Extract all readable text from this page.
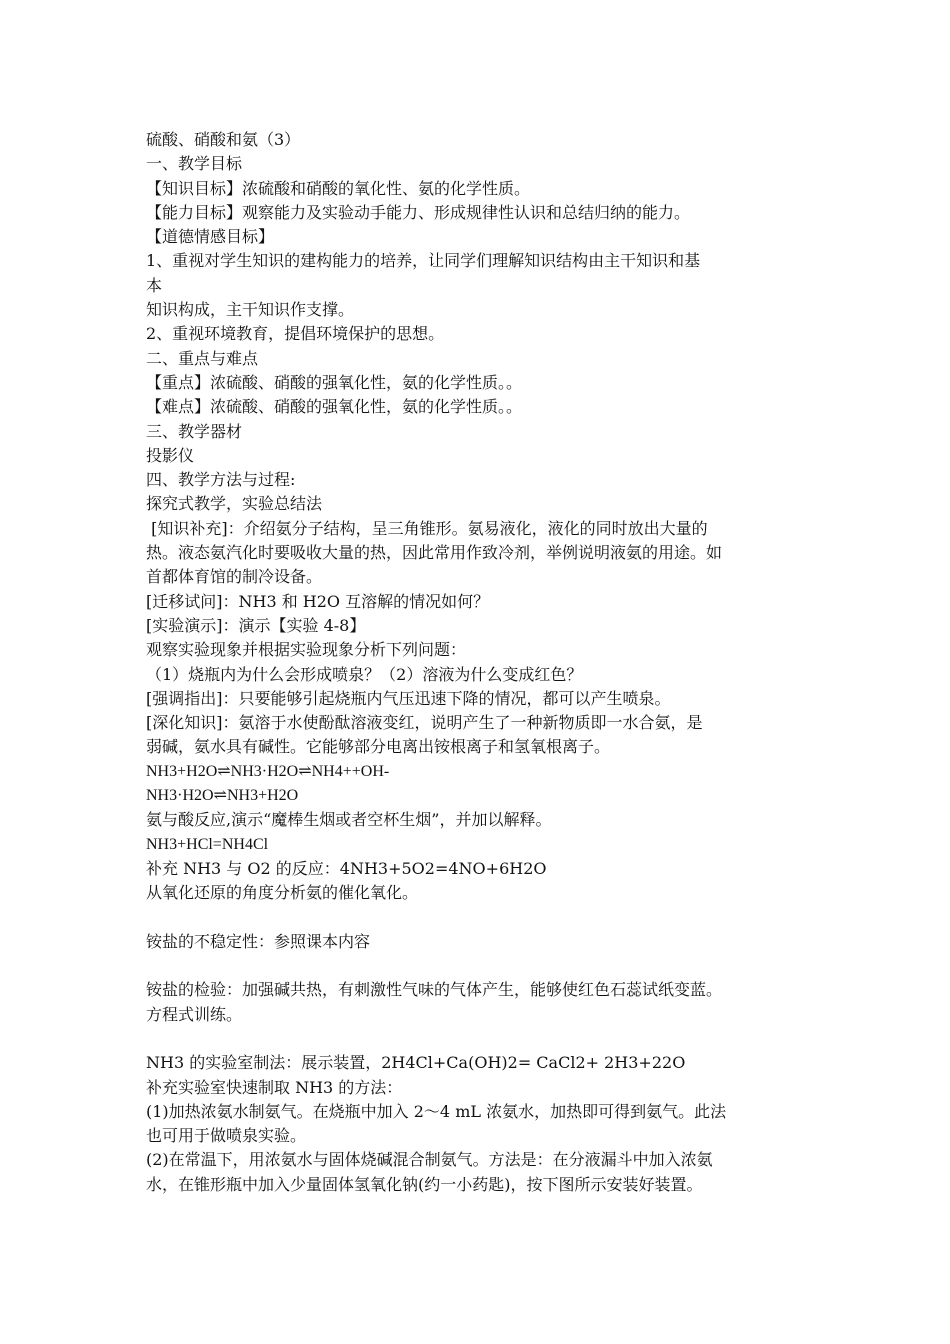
硫酸、硝酸和氨（3）
一、教学目标
【知识目标】浓硫酸和硝酸的氧化性、氨的化学性质。
【能力目标】观察能力及实验动手能力、形成规律性认识和总结归纳的能力。
【道德情感目标】
1、重视对学生知识的建构能力的培养，让同学们理解知识结构由主干知识和基
本
知识构成，主干知识作支撑。
2、重视环境教育，提倡环境保护的思想。
二、重点与难点
【重点】浓硫酸、硝酸的强氧化性，氨的化学性质。。
【难点】浓硫酸、硝酸的强氧化性，氨的化学性质。。
三、教学器材
投影仪
四、教学方法与过程:
探究式教学，实验总结法
[知识补充]：介绍氨分子结构，呈三角锥形。氨易液化，液化的同时放出大量的
热。液态氨汽化时要吸收大量的热，因此常用作致冷剂，举例说明液氨的用途。如
首都体育馆的制冷设备。
[迁移试问]：NH3 和 H2O 互溶解的情况如何？
[实验演示]：演示【实验 4-8】
观察实验现象并根据实验现象分析下列问题：
（1）烧瓶内为什么会形成喷泉？（2）溶液为什么变成红色？
[强调指出]：只要能够引起烧瓶内气压迅速下降的情况，都可以产生喷泉。
[深化知识]：氨溶于水使酚酞溶液变红，说明产生了一种新物质即一水合氨，是
弱碱，氨水具有碱性。它能够部分电离出铵根离子和氢氧根离子。
NH3+H2O⇌NH3·H2O⇌NH4++OH-
NH3·H2O⇌NH3+H2O
氨与酸反应,演示“魔棒生烟或者空杯生烟”，并加以解释。
NH3+HCl=NH4Cl
补充 NH3 与 O2 的反应：4NH3+5O2=4NO+6H2O
从氧化还原的角度分析氨的催化氧化。
铵盐的不稳定性：参照课本内容
铵盐的检验：加强碱共热，有刺激性气味的气体产生，能够使红色石蕊试纸变蓝。
方程式训练。
NH3 的实验室制法：展示装置，2H4Cl+Ca(OH)2= CaCl2+ 2H3+22O
补充实验室快速制取 NH3 的方法：
(1)加热浓氨水制氨气。在烧瓶中加入 2～4 mL 浓氨水，加热即可得到氨气。此法
也可用于做喷泉实验。
(2)在常温下，用浓氨水与固体烧碱混合制氨气。方法是：在分液漏斗中加入浓氨
水，在锥形瓶中加入少量固体氢氧化钠(约一小药匙)，按下图所示安装好装置。
